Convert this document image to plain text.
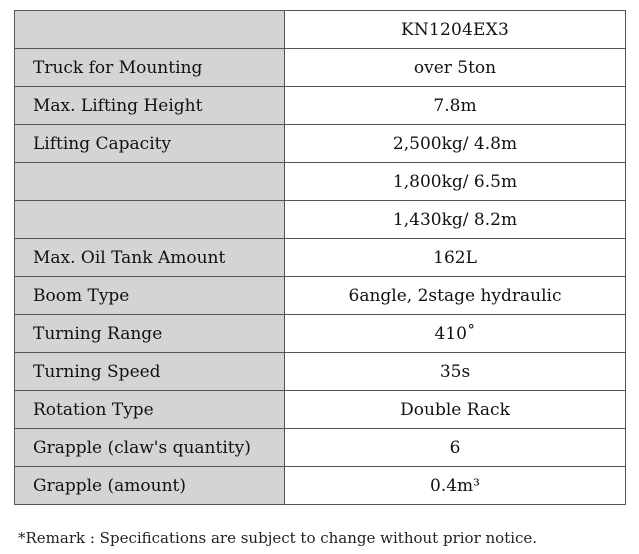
	KN1204EX3
Truck for Mounting	over 5ton
Max. Lifting Height	7.8m
Lifting Capacity	2,500kg/ 4.8m
	1,800kg/ 6.5m
	1,430kg/ 8.2m
Max. Oil Tank Amount	162L
Boom Type	6angle, 2stage hydraulic
Turning Range	410˚
Turning Speed	35s
Rotation Type	Double Rack
Grapple (claw's quantity)	6
Grapple (amount)	0.4m³
*Remark : Specifications are subject to change without prior notice.
